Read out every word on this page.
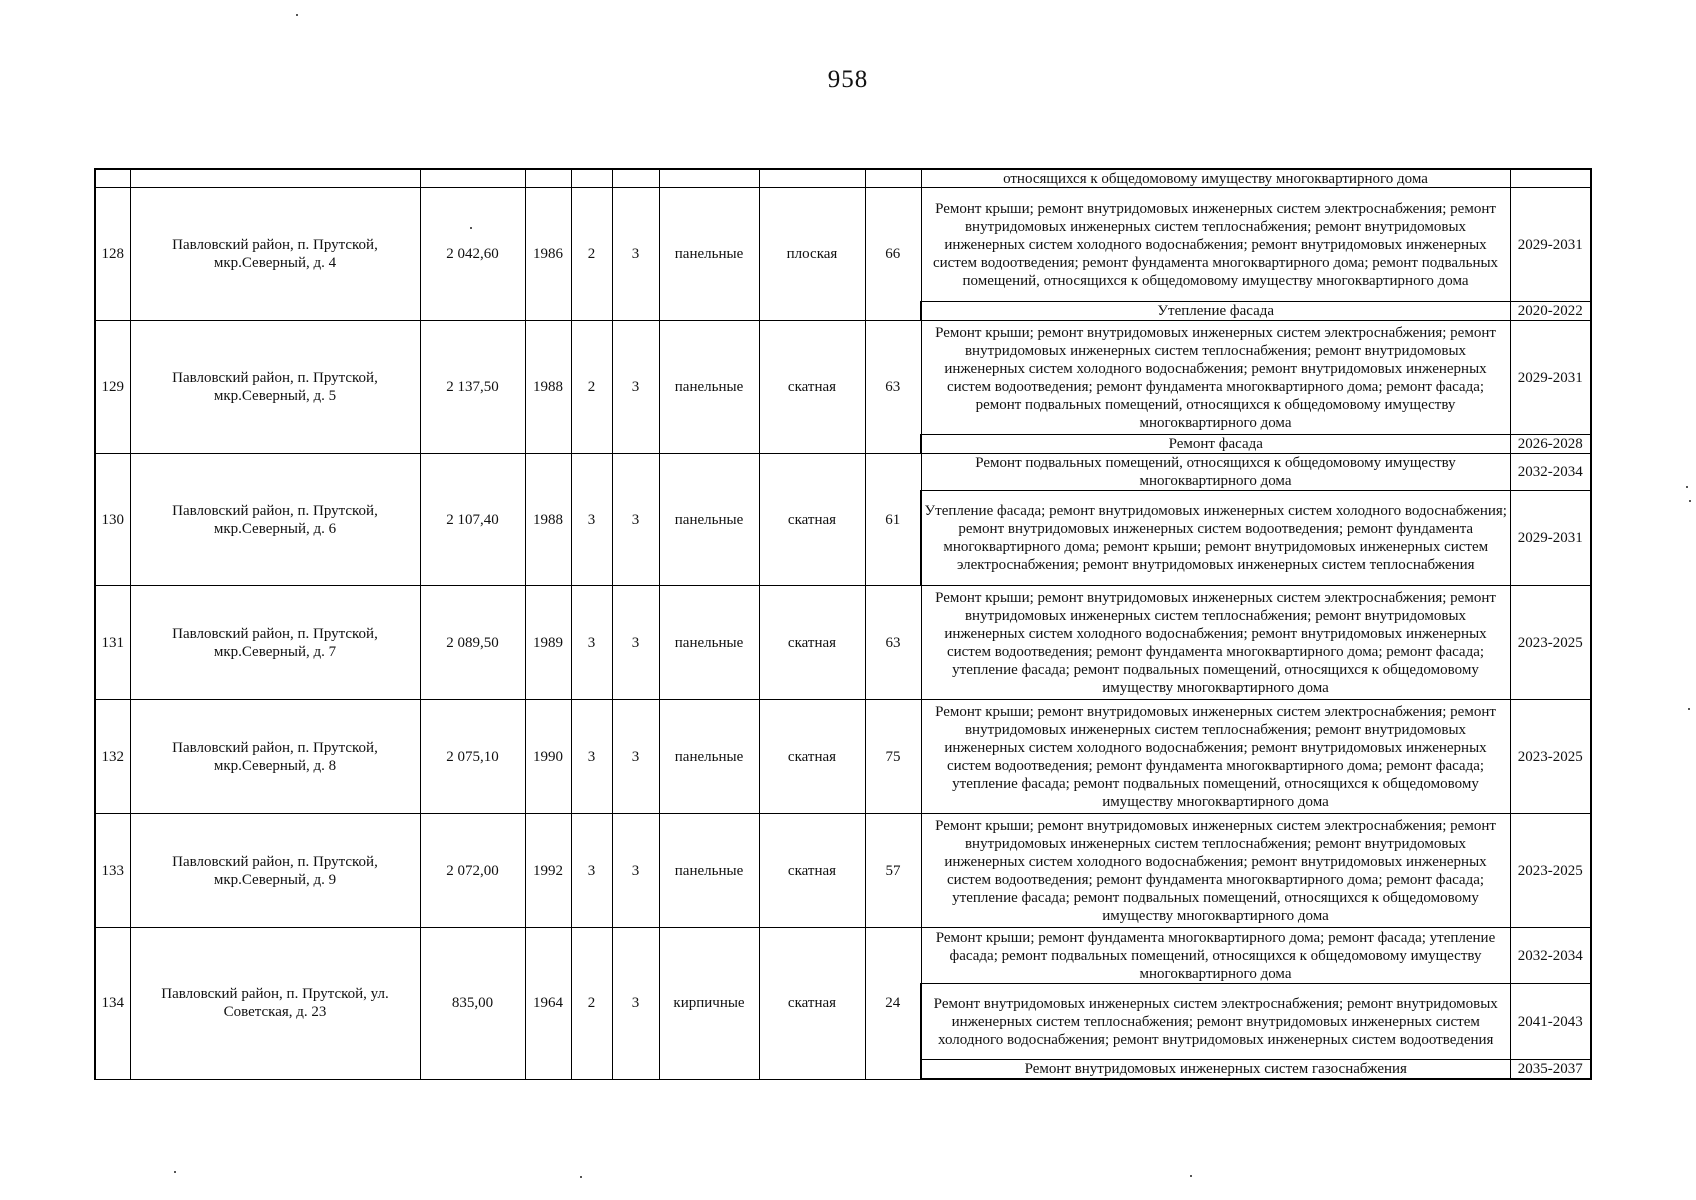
958
									относящихся к общедомовому имуществу многоквартирного дома	
128	Павловский район, п. Прутской, мкр.Северный, д. 4	2 042,60	1986	2	3	панельные	плоская	66	Ремонт крыши; ремонт внутридомовых инженерных систем электроснабжения; ремонт внутридомовых инженерных систем теплоснабжения; ремонт внутридомовых инженерных систем холодного водоснабжения; ремонт внутридомовых инженерных систем водоотведения; ремонт фундамента многоквартирного дома; ремонт подвальных помещений, относящихся к общедомовому имуществу многоквартирного дома	2029-2031
									Утепление фасада	2020-2022
129	Павловский район, п. Прутской, мкр.Северный, д. 5	2 137,50	1988	2	3	панельные	скатная	63	Ремонт крыши; ремонт внутридомовых инженерных систем электроснабжения; ремонт внутридомовых инженерных систем теплоснабжения; ремонт внутридомовых инженерных систем холодного водоснабжения; ремонт внутридомовых инженерных систем водоотведения; ремонт фундамента многоквартирного дома; ремонт фасада; ремонт подвальных помещений, относящихся к общедомовому имуществу многоквартирного дома	2029-2031
									Ремонт фасада	2026-2028
130	Павловский район, п. Прутской, мкр.Северный, д. 6	2 107,40	1988	3	3	панельные	скатная	61	Ремонт подвальных помещений, относящихся к общедомовому имуществу многоквартирного дома	2032-2034
									Утепление фасада; ремонт внутридомовых инженерных систем холодного водоснабжения; ремонт внутридомовых инженерных систем водоотведения; ремонт фундамента многоквартирного дома; ремонт крыши; ремонт внутридомовых инженерных систем электроснабжения; ремонт внутридомовых инженерных систем теплоснабжения	2029-2031
131	Павловский район, п. Прутской, мкр.Северный, д. 7	2 089,50	1989	3	3	панельные	скатная	63	Ремонт крыши; ремонт внутридомовых инженерных систем электроснабжения; ремонт внутридомовых инженерных систем теплоснабжения; ремонт внутридомовых инженерных систем холодного водоснабжения; ремонт внутридомовых инженерных систем водоотведения; ремонт фундамента многоквартирного дома; ремонт фасада; утепление фасада; ремонт подвальных помещений, относящихся к общедомовому имуществу многоквартирного дома	2023-2025
132	Павловский район, п. Прутской, мкр.Северный, д. 8	2 075,10	1990	3	3	панельные	скатная	75	Ремонт крыши; ремонт внутридомовых инженерных систем электроснабжения; ремонт внутридомовых инженерных систем теплоснабжения; ремонт внутридомовых инженерных систем холодного водоснабжения; ремонт внутридомовых инженерных систем водоотведения; ремонт фундамента многоквартирного дома; ремонт фасада; утепление фасада; ремонт подвальных помещений, относящихся к общедомовому имуществу многоквартирного дома	2023-2025
133	Павловский район, п. Прутской, мкр.Северный, д. 9	2 072,00	1992	3	3	панельные	скатная	57	Ремонт крыши; ремонт внутридомовых инженерных систем электроснабжения; ремонт внутридомовых инженерных систем теплоснабжения; ремонт внутридомовых инженерных систем холодного водоснабжения; ремонт внутридомовых инженерных систем водоотведения; ремонт фундамента многоквартирного дома; ремонт фасада; утепление фасада; ремонт подвальных помещений, относящихся к общедомовому имуществу многоквартирного дома	2023-2025
134	Павловский район, п. Прутской, ул. Советская, д. 23	835,00	1964	2	3	кирпичные	скатная	24	Ремонт крыши; ремонт фундамента многоквартирного дома; ремонт фасада; утепление фасада; ремонт подвальных помещений, относящихся к общедомовому имуществу многоквартирного дома	2032-2034
									Ремонт внутридомовых инженерных систем электроснабжения; ремонт внутридомовых инженерных систем теплоснабжения; ремонт внутридомовых инженерных систем холодного водоснабжения; ремонт внутридомовых инженерных систем водоотведения	2041-2043
									Ремонт внутридомовых инженерных систем газоснабжения	2035-2037
